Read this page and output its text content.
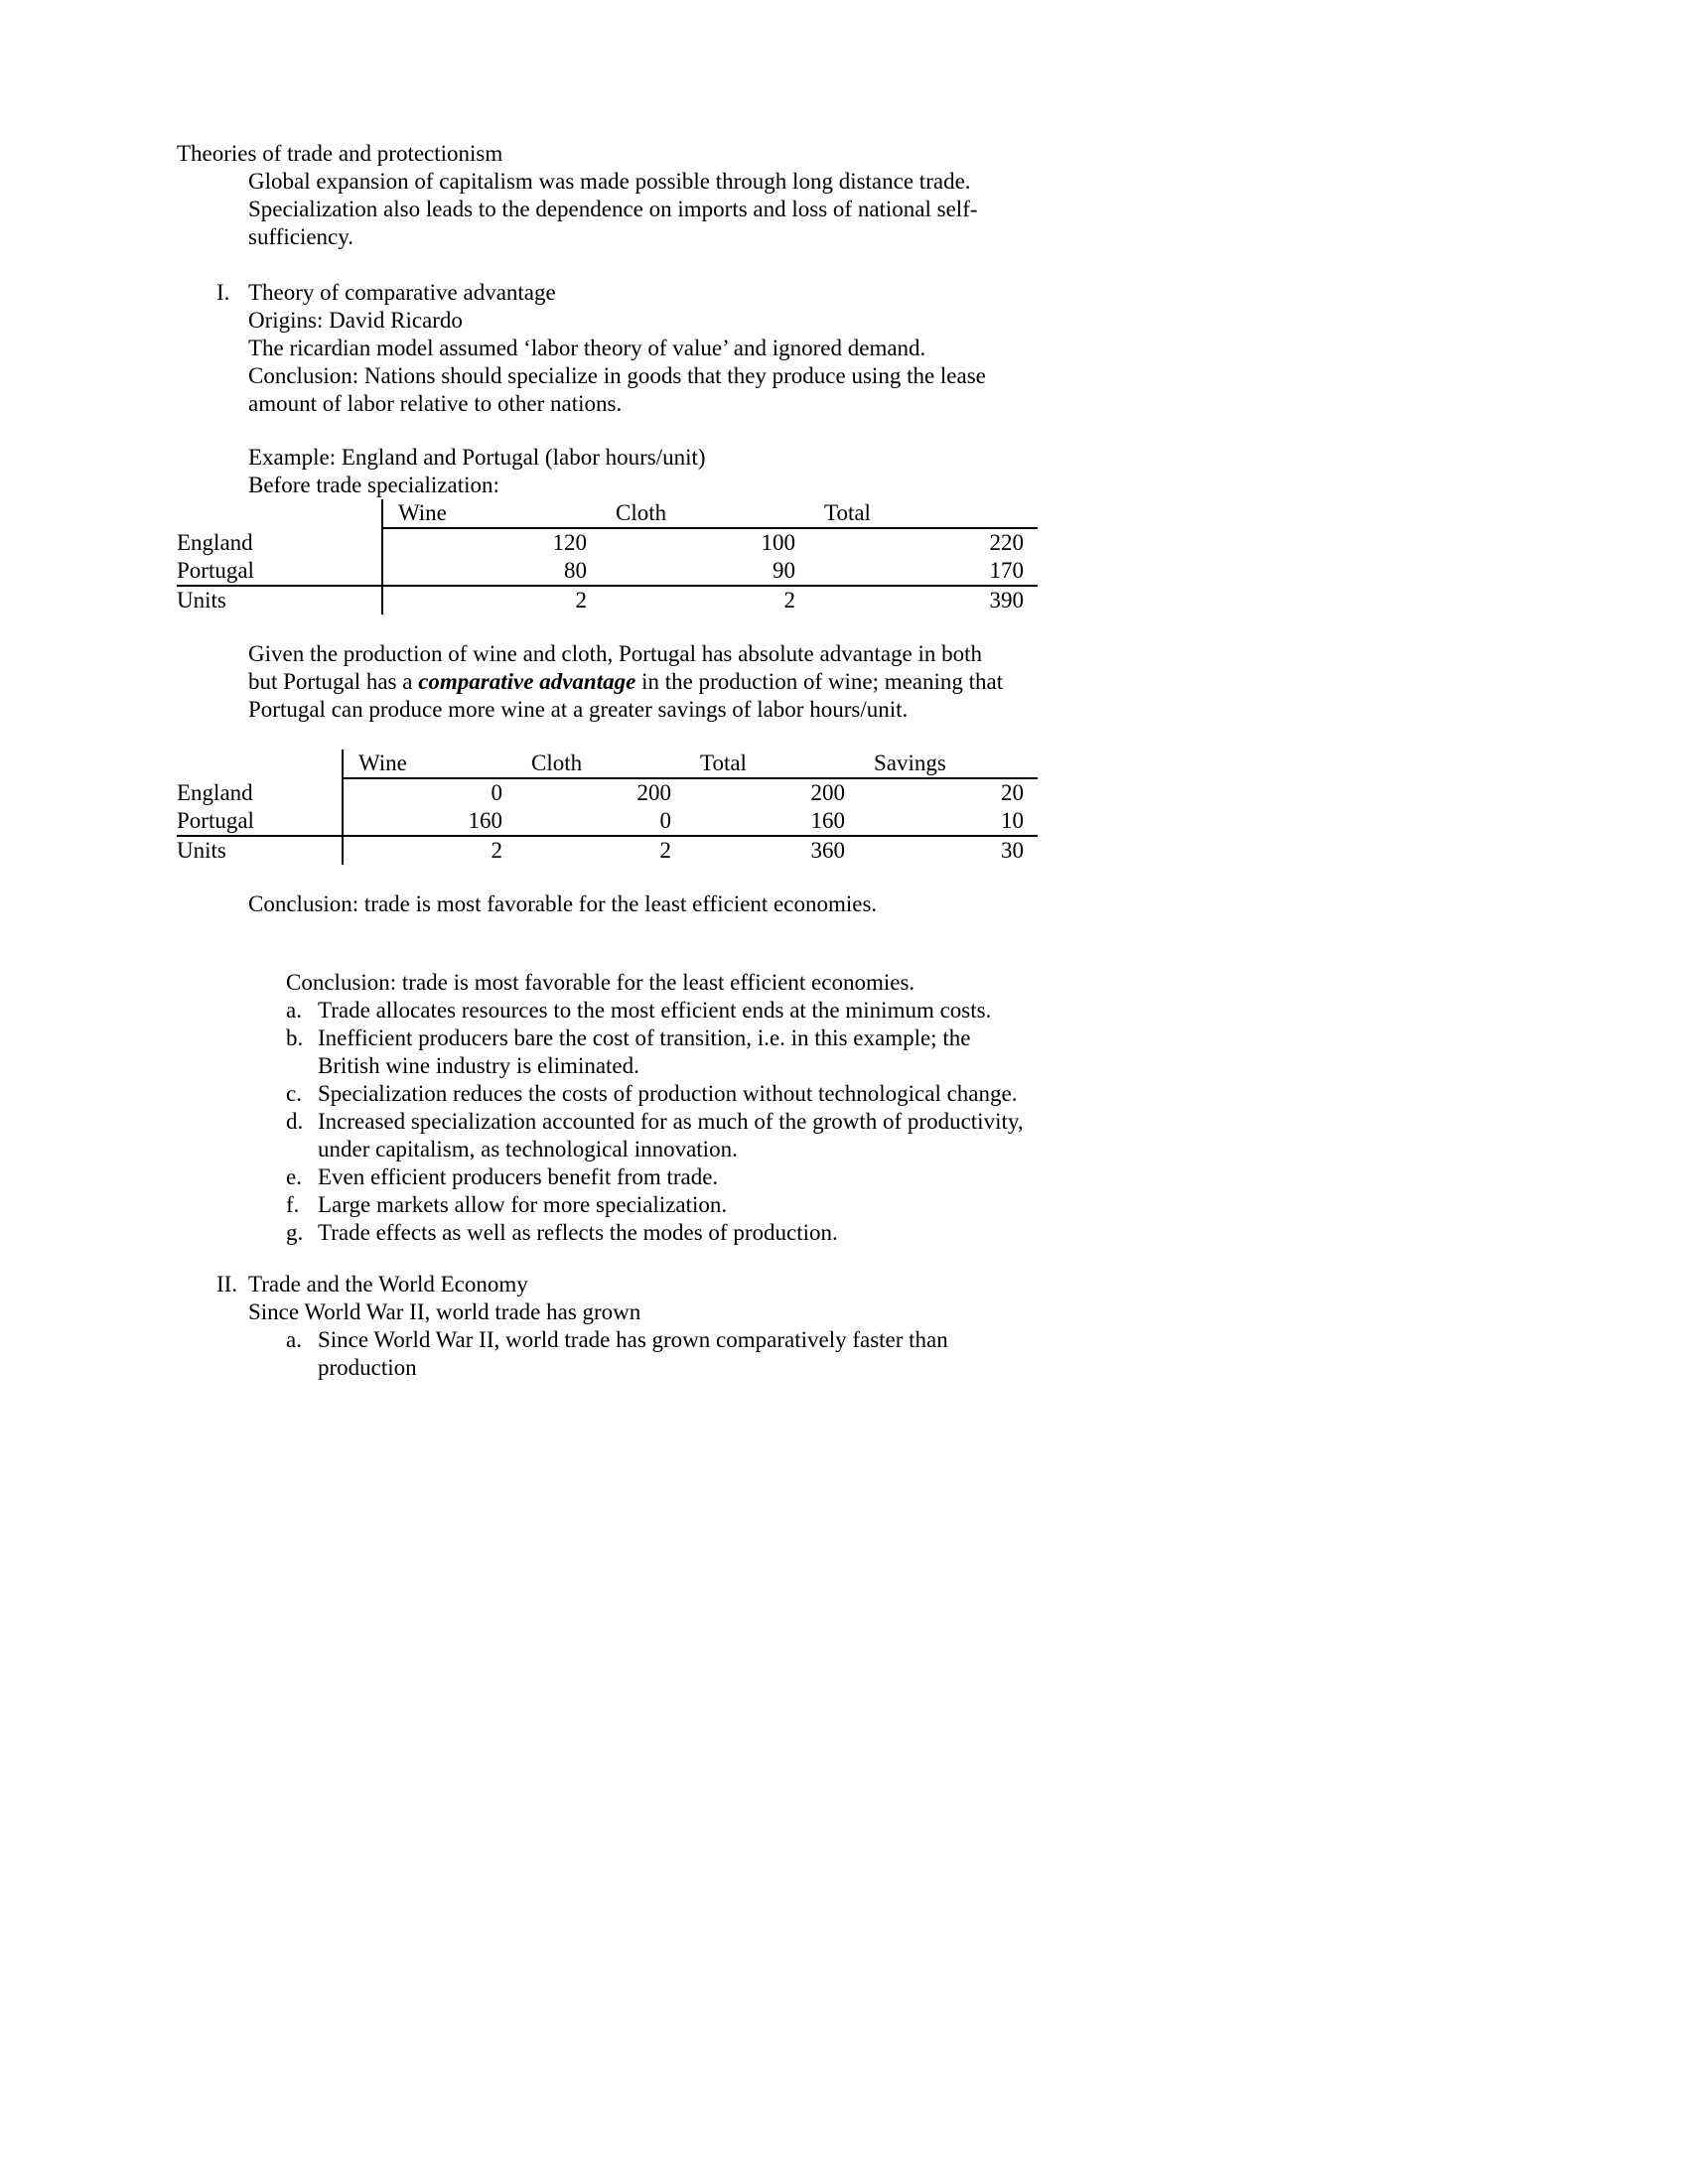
Theories of trade and protectionism
Global expansion of capitalism was made possible through long distance trade. Specialization also leads to the dependence on imports and loss of national self-sufficiency.
I. Theory of comparative advantage
Origins: David Ricardo
The ricardian model assumed ‘labor theory of value’ and ignored demand.
Conclusion: Nations should specialize in goods that they produce using the lease amount of labor relative to other nations.
Example: England and Portugal (labor hours/unit)
Before trade specialization:
	Wine	Cloth	Total
England	120	100	220
Portugal	80	90	170
Units	2	2	390
Given the production of wine and cloth, Portugal has absolute advantage in both but Portugal has a comparative advantage in the production of wine; meaning that Portugal can produce more wine at a greater savings of labor hours/unit.
	Wine	Cloth	Total	Savings
England	0	200	200	20
Portugal	160	0	160	10
Units	2	2	360	30
Conclusion: trade is most favorable for the least efficient economies.
Conclusion: trade is most favorable for the least efficient economies.
a. Trade allocates resources to the most efficient ends at the minimum costs.
b. Inefficient producers bare the cost of transition, i.e. in this example; the British wine industry is eliminated.
c. Specialization reduces the costs of production without technological change.
d. Increased specialization accounted for as much of the growth of productivity, under capitalism, as technological innovation.
e. Even efficient producers benefit from trade.
f. Large markets allow for more specialization.
g. Trade effects as well as reflects the modes of production.
II. Trade and the World Economy
Since World War II, world trade has grown
a. Since World War II, world trade has grown comparatively faster than production
